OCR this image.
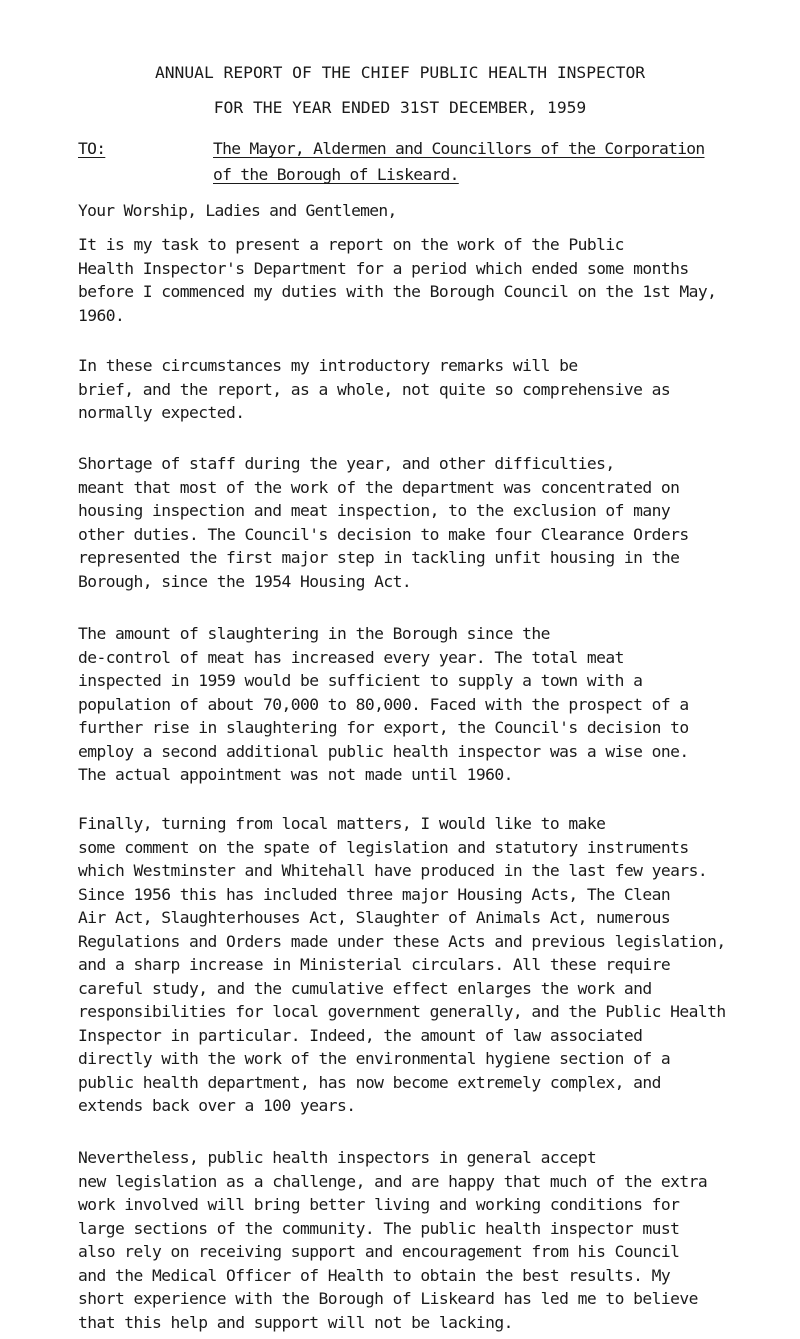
ANNUAL REPORT OF THE CHIEF PUBLIC HEALTH INSPECTOR
FOR THE YEAR ENDED 31ST DECEMBER, 1959
TO:	The Mayor, Aldermen and Councillors of the Corporation
of the Borough of Liskeard.
Your Worship, Ladies and Gentlemen,
It is my task to present a report on the work of the Public
Health Inspector's Department for a period which ended some months
before I commenced my duties with the Borough Council on the 1st May,
1960.
In these circumstances my introductory remarks will be
brief, and the report, as a whole, not quite so comprehensive as
normally expected.
Shortage of staff during the year, and other difficulties,
meant that most of the work of the department was concentrated on
housing inspection and meat inspection, to the exclusion of many
other duties. The Council's decision to make four Clearance Orders
represented the first major step in tackling unfit housing in the
Borough, since the 1954 Housing Act.
The amount of slaughtering in the Borough since the
de-control of meat has increased every year. The total meat
inspected in 1959 would be sufficient to supply a town with a
population of about 70,000 to 80,000. Faced with the prospect of a
further rise in slaughtering for export, the Council's decision to
employ a second additional public health inspector was a wise one.
The actual appointment was not made until 1960.
Finally, turning from local matters, I would like to make
some comment on the spate of legislation and statutory instruments
which Westminster and Whitehall have produced in the last few years.
Since 1956 this has included three major Housing Acts, The Clean
Air Act, Slaughterhouses Act, Slaughter of Animals Act, numerous
Regulations and Orders made under these Acts and previous legislation,
and a sharp increase in Ministerial circulars. All these require
careful study, and the cumulative effect enlarges the work and
responsibilities for local government generally, and the Public Health
Inspector in particular. Indeed, the amount of law associated
directly with the work of the environmental hygiene section of a
public health department, has now become extremely complex, and
extends back over a 100 years.
Nevertheless, public health inspectors in general accept
new legislation as a challenge, and are happy that much of the extra
work involved will bring better living and working conditions for
large sections of the community. The public health inspector must
also rely on receiving support and encouragement from his Council
and the Medical Officer of Health to obtain the best results. My
short experience with the Borough of Liskeard has led me to believe
that this help and support will not be lacking.
